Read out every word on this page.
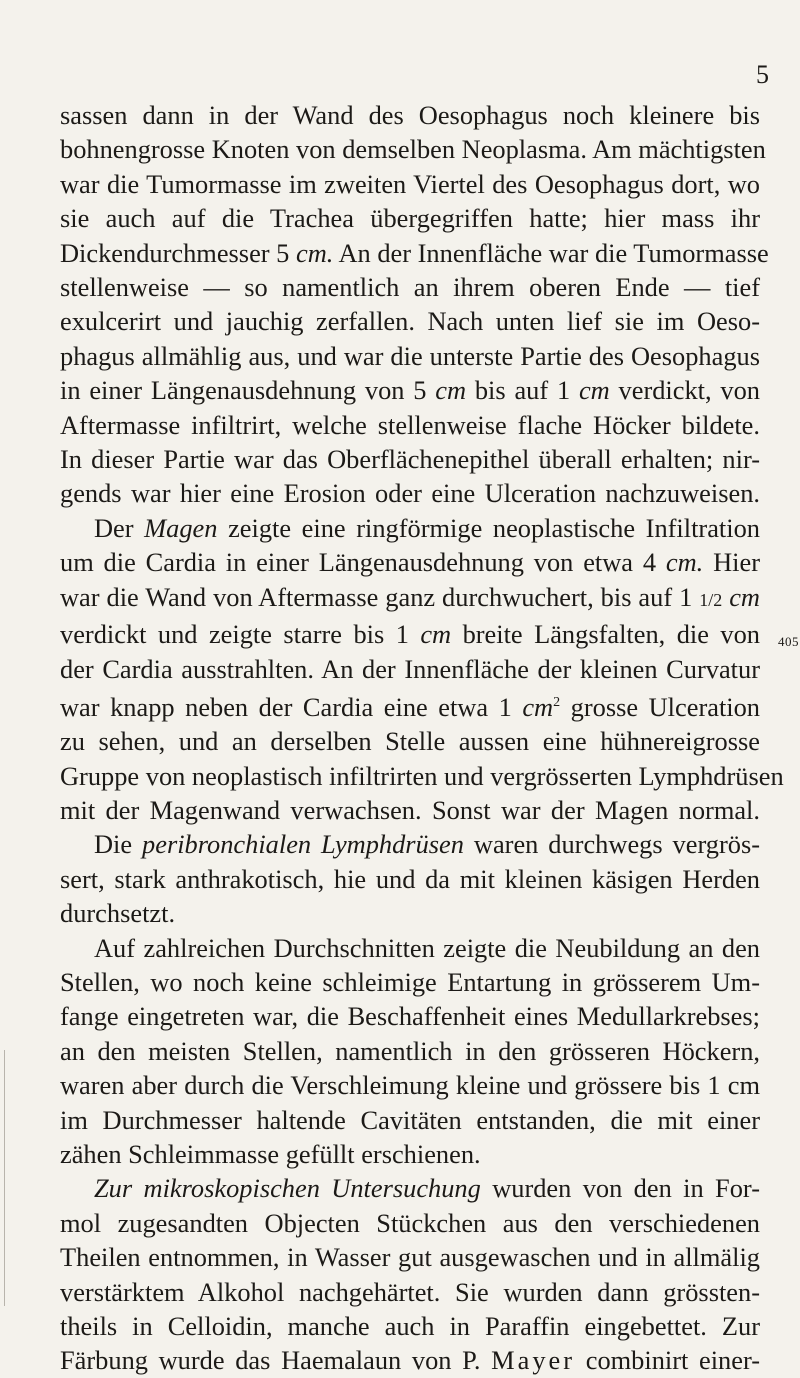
5
405
sassen dann in der Wand des Oesophagus noch kleinere bis
bohnengrosse Knoten von demselben Neoplasma. Am mächtigsten
war die Tumormasse im zweiten Viertel des Oesophagus dort, wo
sie auch auf die Trachea übergegriffen hatte; hier mass ihr
Dickendurchmesser 5 cm. An der Innenfläche war die Tumormasse
stellenweise — so namentlich an ihrem oberen Ende — tief
exulcerirt und jauchig zerfallen. Nach unten lief sie im Oeso-
phagus allmählig aus, und war die unterste Partie des Oesophagus
in einer Längenausdehnung von 5 cm bis auf 1 cm verdickt, von
Aftermasse infiltrirt, welche stellenweise flache Höcker bildete.
In dieser Partie war das Oberflächenepithel überall erhalten; nir-
gends war hier eine Erosion oder eine Ulceration nachzuweisen.
Der Magen zeigte eine ringförmige neoplastische Infiltration
um die Cardia in einer Längenausdehnung von etwa 4 cm. Hier
war die Wand von Aftermasse ganz durchwuchert, bis auf 1 1/2 cm
verdickt und zeigte starre bis 1 cm breite Längsfalten, die von
der Cardia ausstrahlten. An der Innenfläche der kleinen Curvatur
war knapp neben der Cardia eine etwa 1 $cm^2$ grosse Ulceration
zu sehen, und an derselben Stelle aussen eine hühnereigrosse
Gruppe von neoplastisch infiltrirten und vergrösserten Lymphdrüsen
mit der Magenwand verwachsen. Sonst war der Magen normal.
Die peribronchialen Lymphdrüsen waren durchwegs vergrös-
sert, stark anthrakotisch, hie und da mit kleinen käsigen Herden
durchsetzt.
Auf zahlreichen Durchschnitten zeigte die Neubildung an den
Stellen, wo noch keine schleimige Entartung in grösserem Um-
fange eingetreten war, die Beschaffenheit eines Medullarkrebses;
an den meisten Stellen, namentlich in den grösseren Höckern,
waren aber durch die Verschleimung kleine und grössere bis 1 cm
im Durchmesser haltende Cavitäten entstanden, die mit einer
zähen Schleimmasse gefüllt erschienen.
Zur mikroskopischen Untersuchung wurden von den in For-
mol zugesandten Objecten Stückchen aus den verschiedenen
Theilen entnommen, in Wasser gut ausgewaschen und in allmälig
verstärktem Alkohol nachgehärtet. Sie wurden dann grössten-
theils in Celloidin, manche auch in Paraffin eingebettet. Zur
Färbung wurde das Haemalaun von P. Mayer combinirt einer-
